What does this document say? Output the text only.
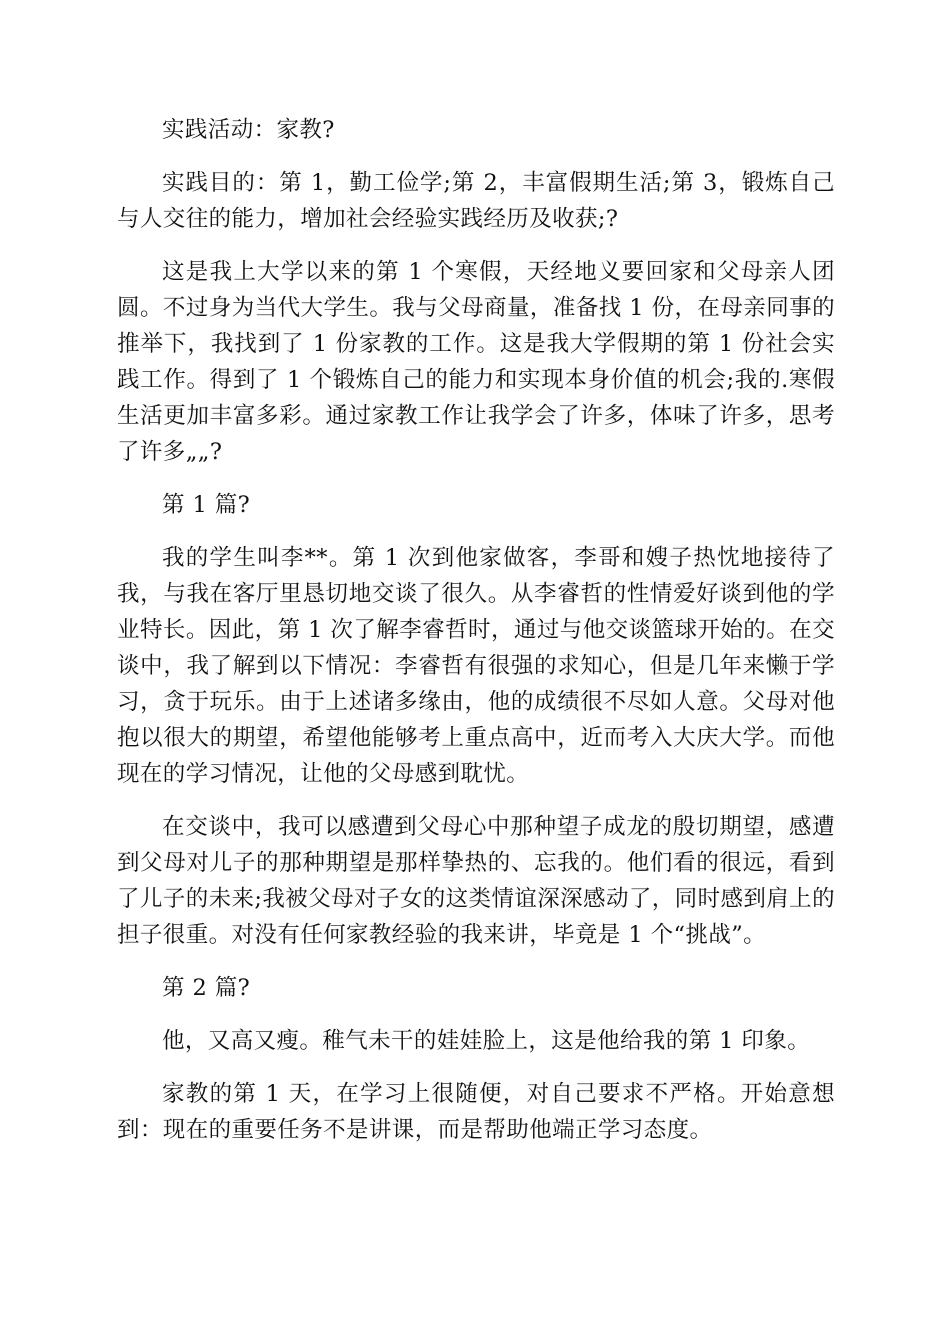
实践活动：家教?

实践目的：第 1，勤工俭学;第 2，丰富假期生活;第 3，锻炼自己与人交往的能力，增加社会经验实践经历及收获;?

这是我上大学以来的第 1 个寒假，天经地义要回家和父母亲人团圆。不过身为当代大学生。我与父母商量，准备找 1 份，在母亲同事的推举下，我找到了 1 份家教的工作。这是我大学假期的第 1 份社会实践工作。得到了 1 个锻炼自己的能力和实现本身价值的机会;我的.寒假生活更加丰富多彩。通过家教工作让我学会了许多，体味了许多，思考了许多„„?

第 1 篇?

我的学生叫李**。第 1 次到他家做客，李哥和嫂子热忱地接待了我，与我在客厅里恳切地交谈了很久。从李睿哲的性情爱好谈到他的学业特长。因此，第 1 次了解李睿哲时，通过与他交谈篮球开始的。在交谈中，我了解到以下情况：李睿哲有很强的求知心，但是几年来懒于学习，贪于玩乐。由于上述诸多缘由，他的成绩很不尽如人意。父母对他抱以很大的期望，希望他能够考上重点高中，近而考入大庆大学。而他现在的学习情况，让他的父母感到耽忧。

在交谈中，我可以感遭到父母心中那种望子成龙的殷切期望，感遭到父母对儿子的那种期望是那样挚热的、忘我的。他们看的很远，看到了儿子的未来;我被父母对子女的这类情谊深深感动了，同时感到肩上的担子很重。对没有任何家教经验的我来讲，毕竟是 1 个“挑战”。

第 2 篇?

他，又高又瘦。稚气未干的娃娃脸上，这是他给我的第 1 印象。

家教的第 1 天，在学习上很随便，对自己要求不严格。开始意想到：现在的重要任务不是讲课，而是帮助他端正学习态度。
